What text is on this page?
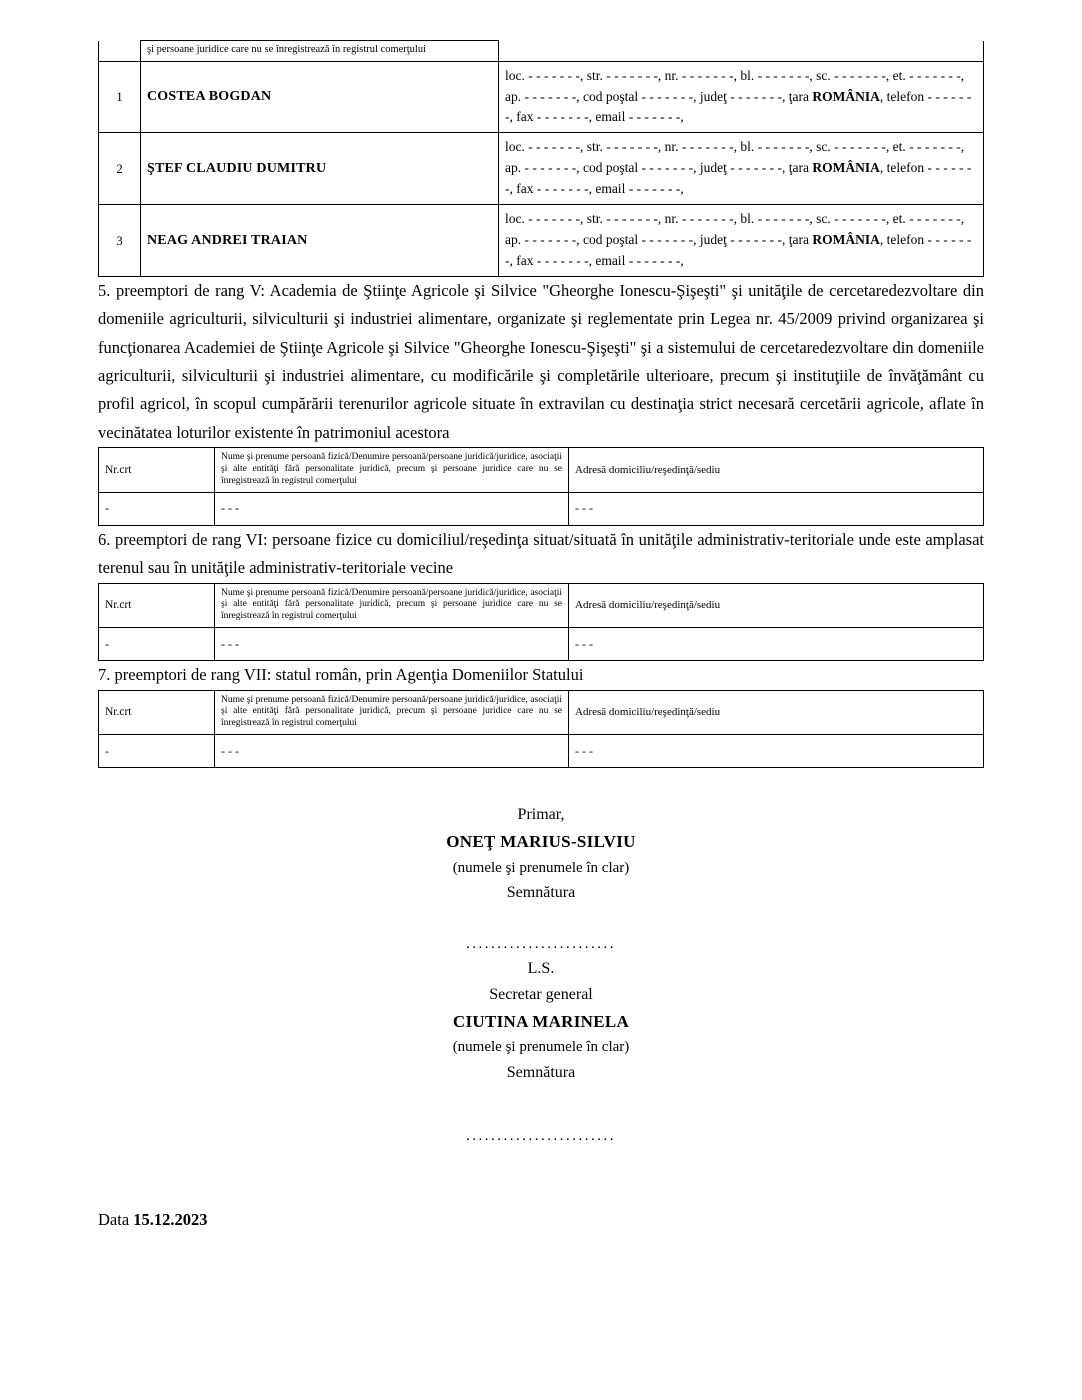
	şi persoane juridice care nu se înregistrează în registrul comerţului	
1	COSTEA BOGDAN	loc. - - - - - - -, str. - - - - - - -, nr. - - - - - - -, bl. - - - - - - -, sc. - - - - - - -, et. - - - - - - -, ap. - - - - - - -, cod poştal - - - - - - -, judeţ - - - - - - -, ţara ROMÂNIA, telefon - - - - - - -, fax - - - - - - -, email - - - - - - -,
2	ŞTEF CLAUDIU DUMITRU	loc. - - - - - - -, str. - - - - - - -, nr. - - - - - - -, bl. - - - - - - -, sc. - - - - - - -, et. - - - - - - -, ap. - - - - - - -, cod poştal - - - - - - -, judeţ - - - - - - -, ţara ROMÂNIA, telefon - - - - - - -, fax - - - - - - -, email - - - - - - -,
3	NEAG ANDREI TRAIAN	loc. - - - - - - -, str. - - - - - - -, nr. - - - - - - -, bl. - - - - - - -, sc. - - - - - - -, et. - - - - - - -, ap. - - - - - - -, cod poştal - - - - - - -, judeţ - - - - - - -, ţara ROMÂNIA, telefon - - - - - - -, fax - - - - - - -, email - - - - - - -,

5. preemptori de rang V: Academia de Ştiinţe Agricole şi Silvice "Gheorghe Ionescu-Şişeşti" şi unităţile de cercetaredezvoltare din domeniile agriculturii, silviculturii şi industriei alimentare, organizate şi reglementate prin Legea nr. 45/2009 privind organizarea şi funcţionarea Academiei de Ştiinţe Agricole şi Silvice "Gheorghe Ionescu-Şişeşti" şi a sistemului de cercetaredezvoltare din domeniile agriculturii, silviculturii şi industriei alimentare, cu modificările şi completările ulterioare, precum şi instituţiile de învăţământ cu profil agricol, în scopul cumpărării terenurilor agricole situate în extravilan cu destinaţia strict necesară cercetării agricole, aflate în vecinătatea loturilor existente în patrimoniul acestora

Nr.crt	Nume şi prenume persoană fizică/Denumire persoană/persoane juridică/juridice, asociaţii şi alte entităţi fără personalitate juridică, precum şi persoane juridice care nu se înregistrează în registrul comerţului	Adresă domiciliu/reşedinţă/sediu
-	- - -	- - -

6. preemptori de rang VI: persoane fizice cu domiciliul/reşedinţa situat/situată în unităţile administrativ-teritoriale unde este amplasat terenul sau în unităţile administrativ-teritoriale vecine

Nr.crt	Nume şi prenume persoană fizică/Denumire persoană/persoane juridică/juridice, asociaţii şi alte entităţi fără personalitate juridică, precum şi persoane juridice care nu se înregistrează în registrul comerţului	Adresă domiciliu/reşedinţă/sediu
-	- - -	- - -

7. preemptori de rang VII: statul român, prin Agenţia Domeniilor Statului

Nr.crt	Nume şi prenume persoană fizică/Denumire persoană/persoane juridică/juridice, asociaţii şi alte entităţi fără personalitate juridică, precum şi persoane juridice care nu se înregistrează în registrul comerţului	Adresă domiciliu/reşedinţă/sediu
-	- - -	- - -
Primar,
ONEŢ MARIUS-SILVIU
(numele şi prenumele în clar)
Semnătura
........................
L.S.
Secretar general
CIUTINA MARINELA
(numele şi prenumele în clar)
Semnătura
........................
Data 15.12.2023
